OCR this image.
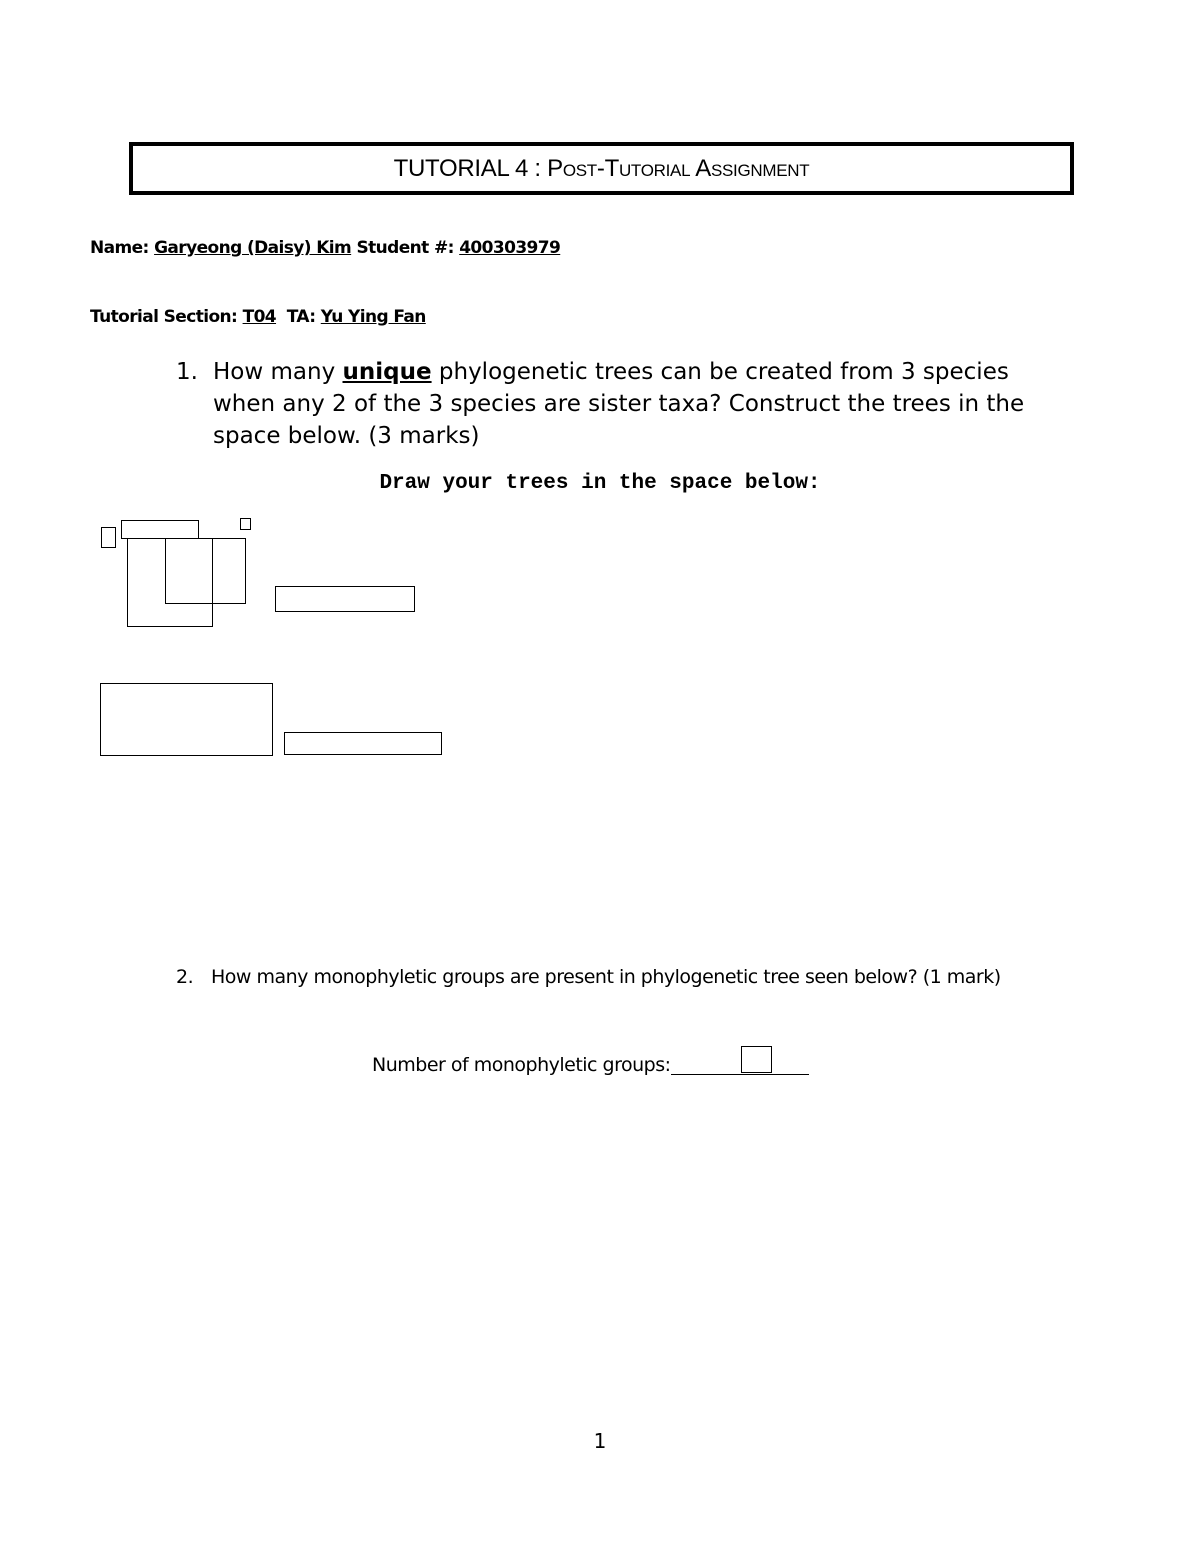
TUTORIAL 4 : Post-Tutorial Assignment
Name: Garyeong (Daisy) Kim Student #: 400303979
Tutorial Section: T04 TA: Yu Ying Fan
1. How many unique phylogenetic trees can be created from 3 species when any 2 of the 3 species are sister taxa? Construct the trees in the space below. (3 marks)
Draw your trees in the space below:
2. How many monophyletic groups are present in phylogenetic tree seen below? (1 mark)
Number of monophyletic groups:
1
